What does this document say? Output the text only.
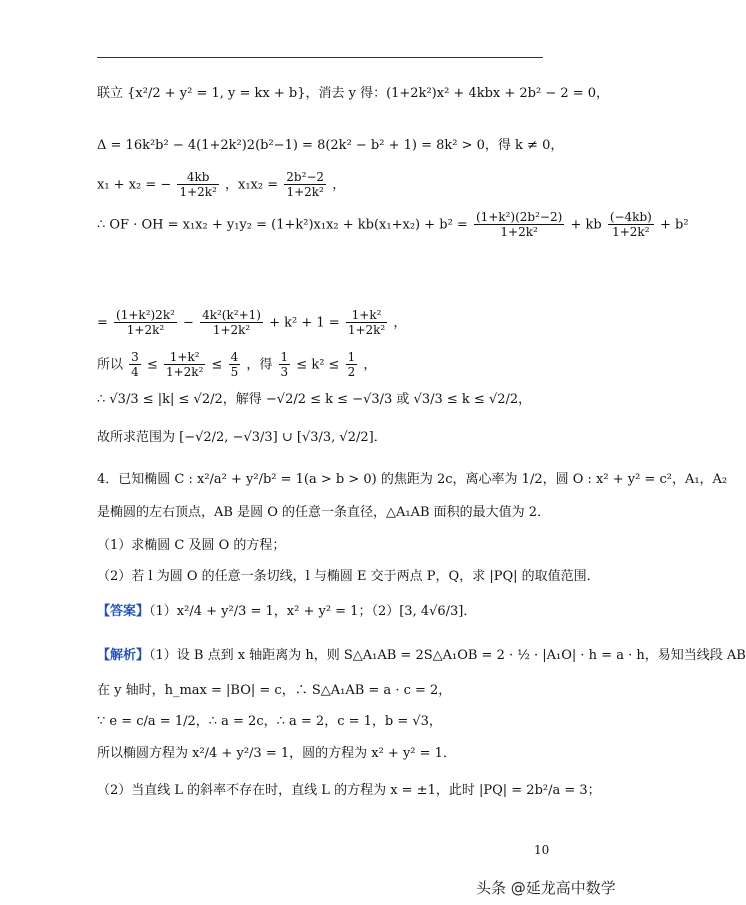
联立 {x²/2 + y² = 1, y = kx + b}，消去 y 得：(1+2k²)x² + 4kbx + 2b² − 2 = 0，
Δ = 16k²b² − 4(1+2k²)2(b²−1) = 8(2k² − b² + 1) = 8k² > 0，得 k ≠ 0，
x₁ + x₂ = − $\frac{4kb}{\text{1+2k²}}$ ，$x_1x_2 = \frac{\text{2b²−2}}{\text{1+2k²}}$ ，
∴ OF · OH = $x_1x_2 + y_1y_2 = (1+k^2)x_1x_2 + kb(x_1+x_2) + b^2 = \frac{\text{(1+k²)(2b²−2)}}{\text{1+2k²}}$ + kb $\frac{(-4kb)}{\text{1+2k²}} + b^2$
= $\frac{\text{(1+k²)2k²}}{\text{1+2k²}} - \frac{\text{4k²(k²+1)}}{\text{1+2k²}} + k^2 + 1 = \frac{\text{1+k²}}{\text{1+2k²}}$ ，
所以 $\frac{3}{4} \le \frac{\text{1+k²}}{\text{1+2k²}} \le \frac{4}{5}$ ，得 $\frac{1}{3} \le k^2 \le \frac{1}{2}$ ，
∴ √3/3 ≤ |k| ≤ √2/2，解得 −√2/2 ≤ k ≤ −√3/3 或 √3/3 ≤ k ≤ √2/2，
故所求范围为 [−√2/2, −√3/3] ∪ [√3/3, √2/2]．
4．已知椭圆 C : x²/a² + y²/b² = 1(a > b > 0) 的焦距为 2c，离心率为 1/2，圆 O : x² + y² = c²，A₁，A₂
是椭圆的左右顶点，AB 是圆 O 的任意一条直径，△A₁AB 面积的最大值为 2．
（1）求椭圆 C 及圆 O 的方程；
（2）若 l 为圆 O 的任意一条切线，l 与椭圆 E 交于两点 P，Q，求 |PQ| 的取值范围．
【答案】（1）x²/4 + y²/3 = 1，x² + y² = 1；（2）[3, 4√6/3]．
【解析】（1）设 B 点到 x 轴距离为 h，则 S△A₁AB = 2S△A₁OB = 2 · ½ · |A₁O| · h = a · h，易知当线段 AB
在 y 轴时，h_max = |BO| = c，∴ S△A₁AB = a · c = 2，
∵ e = c/a = 1/2，∴ a = 2c，∴ a = 2，c = 1，b = √3，
所以椭圆方程为 x²/4 + y²/3 = 1，圆的方程为 x² + y² = 1．
（2）当直线 L 的斜率不存在时，直线 L 的方程为 x = ±1，此时 |PQ| = 2b²/a = 3；
10
头条 @延龙高中数学
